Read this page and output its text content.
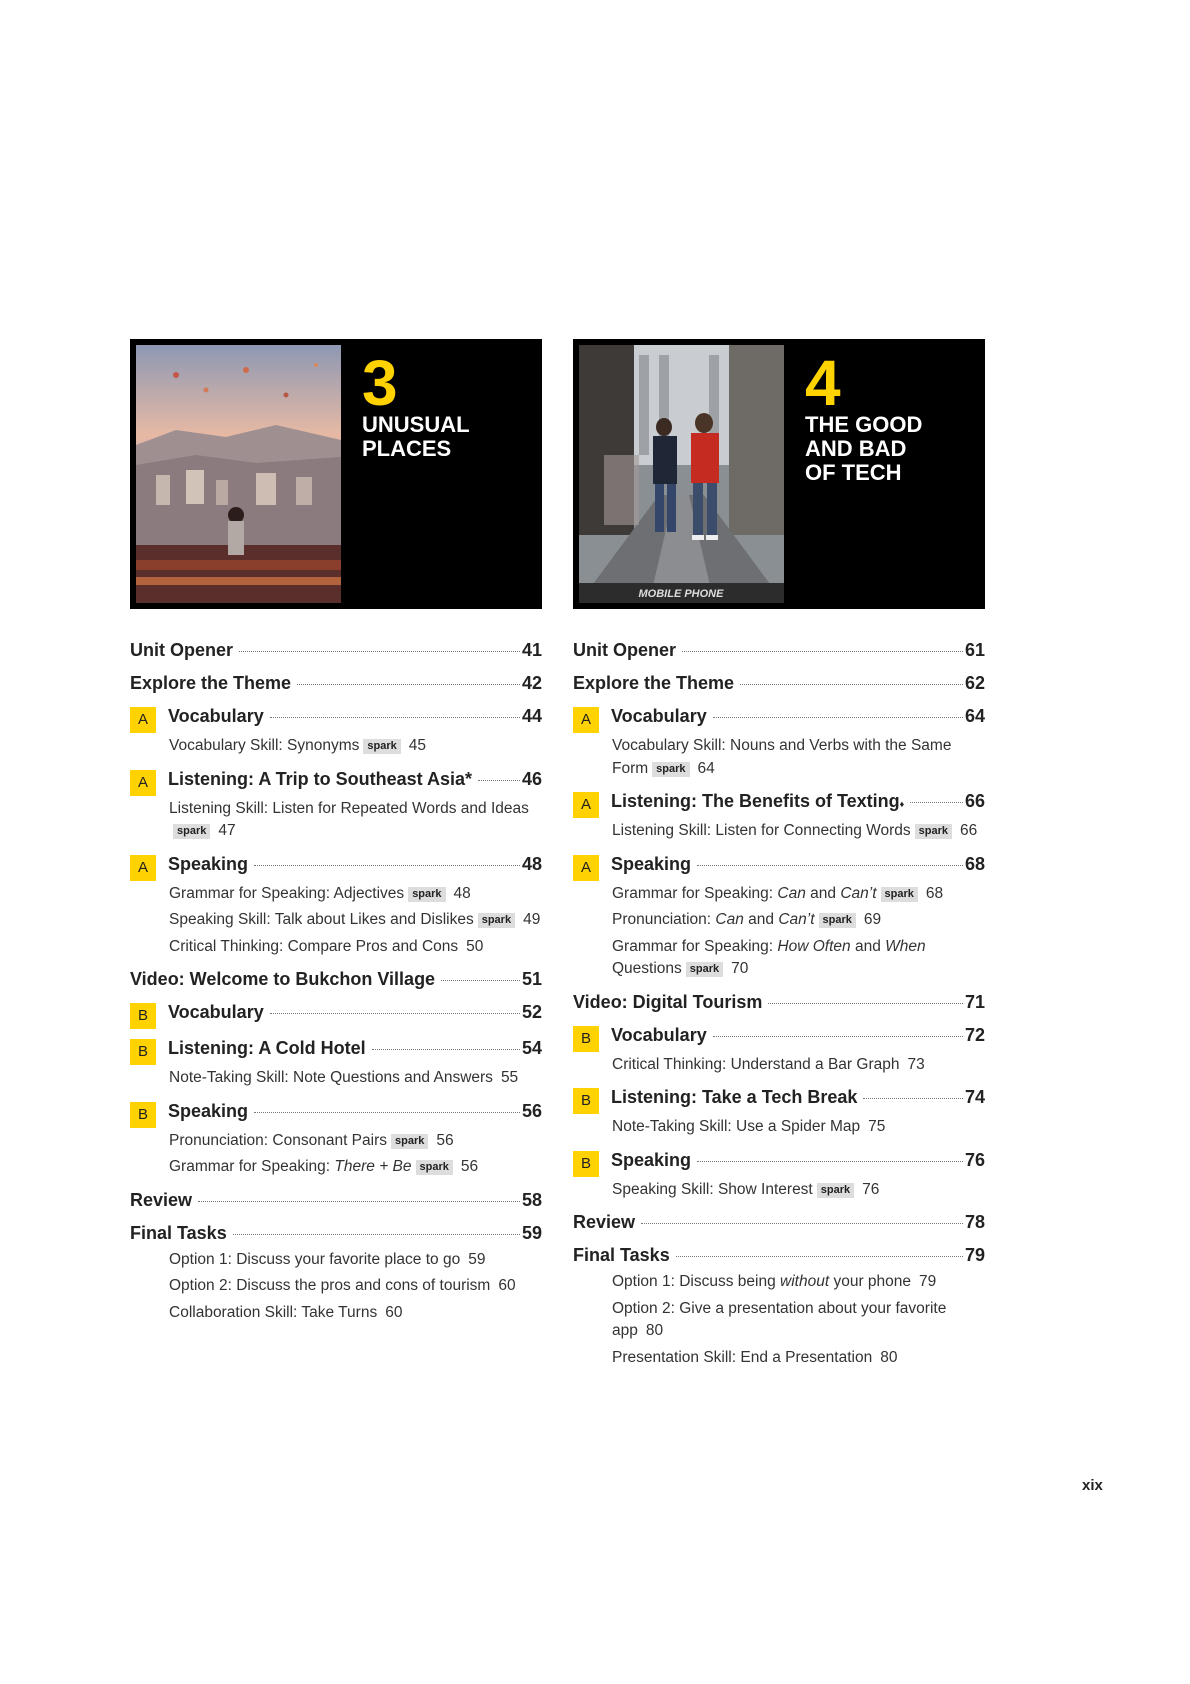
3
UNUSUAL
PLACES
Unit Opener	41
Explore the Theme	42
A	Vocabulary	44
Vocabulary Skill: Synonyms spark 45
A	Listening: A Trip to Southeast Asia*	46
Listening Skill: Listen for Repeated Words and Ideasspark 47
A	Speaking	48
Grammar for Speaking: Adjectives spark 48
Speaking Skill: Talk about Likes and Dislikes spark 49
Critical Thinking: Compare Pros and Cons 50
Video: Welcome to Bukchon Village	51
B	Vocabulary	52
B	Listening: A Cold Hotel	54
Note-Taking Skill: Note Questions and Answers 55
B	Speaking	56
Pronunciation: Consonant Pairs spark 56
Grammar for Speaking: There + Be spark 56
Review	58
Final Tasks	59
Option 1: Discuss your favorite place to go 59
Option 2: Discuss the pros and cons of tourism 60
Collaboration Skill: Take Turns 60
MOBILE PHONE
4
THE GOOD
AND BAD
OF TECH
Unit Opener	61
Explore the Theme	62
A	Vocabulary	64
Vocabulary Skill: Nouns and Verbs with the Same Form spark 64
A	Listening: The Benefits of Texting ♦	66
Listening Skill: Listen for Connecting Words spark 66
A	Speaking	68
Grammar for Speaking: Can and Can’t spark 68
Pronunciation: Can and Can’t spark 69
Grammar for Speaking: How Often and When Questions spark 70
Video: Digital Tourism	71
B	Vocabulary	72
Critical Thinking: Understand a Bar Graph 73
B	Listening: Take a Tech Break	74
Note-Taking Skill: Use a Spider Map 75
B	Speaking	76
Speaking Skill: Show Interest spark 76
Review	78
Final Tasks	79
Option 1: Discuss being without your phone 79
Option 2: Give a presentation about your favorite app 80
Presentation Skill: End a Presentation 80
xix
